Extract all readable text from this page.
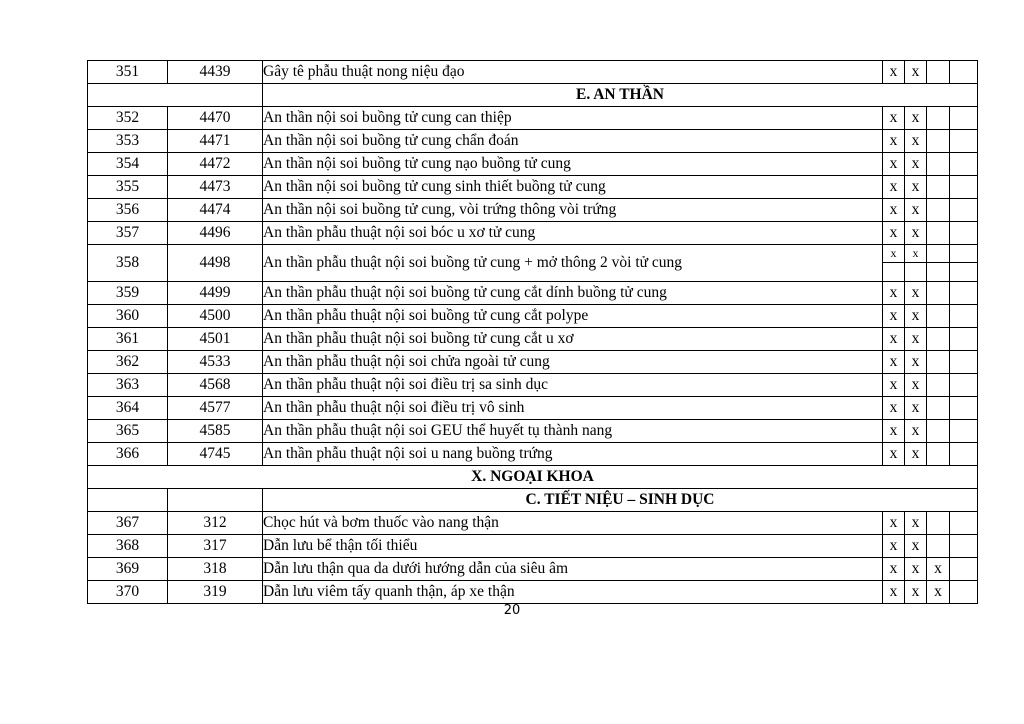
351	4439	Gây tê phẫu thuật nong niệu đạo	x	x		
		E. AN THẦN				
352	4470	An thần nội soi buồng tử cung can thiệp	x	x		
353	4471	An thần nội soi buồng tử cung chẩn đoán	x	x		
354	4472	An thần nội soi buồng tử cung nạo buồng tử cung	x	x		
355	4473	An thần nội soi buồng tử cung sinh thiết buồng tử cung	x	x		
356	4474	An thần nội soi buồng tử cung, vòi trứng thông vòi trứng	x	x		
357	4496	An thần phẫu thuật nội soi bóc u xơ tử cung	x	x		
358	4498	An thần phẫu thuật nội soi buồng tử cung + mở thông 2 vòi tử cung	x	x		

359	4499	An thần phẫu thuật nội soi buồng tử cung cắt dính buồng tử cung	x	x		
360	4500	An thần phẫu thuật nội soi buồng tử cung cắt polype	x	x		
361	4501	An thần phẫu thuật nội soi buồng tử cung cắt u xơ	x	x		
362	4533	An thần phẫu thuật nội soi chửa ngoài tử cung	x	x		
363	4568	An thần phẫu thuật nội soi điều trị sa sinh dục	x	x		
364	4577	An thần phẫu thuật nội soi điều trị vô sinh	x	x		
365	4585	An thần phẫu thuật nội soi GEU thể huyết tụ thành nang	x	x		
366	4745	An thần phẫu thuật nội soi u nang buồng trứng	x	x		
X. NGOẠI KHOA						
		C. TIẾT NIỆU – SINH DỤC				
367	312	Chọc hút và bơm thuốc vào nang thận	x	x		
368	317	Dẫn lưu bể thận tối thiểu	x	x		
369	318	Dẫn lưu thận qua da dưới hướng dẫn của siêu âm	x	x	x	
370	319	Dẫn lưu viêm tấy quanh thận, áp xe thận	x	x	x	
20
